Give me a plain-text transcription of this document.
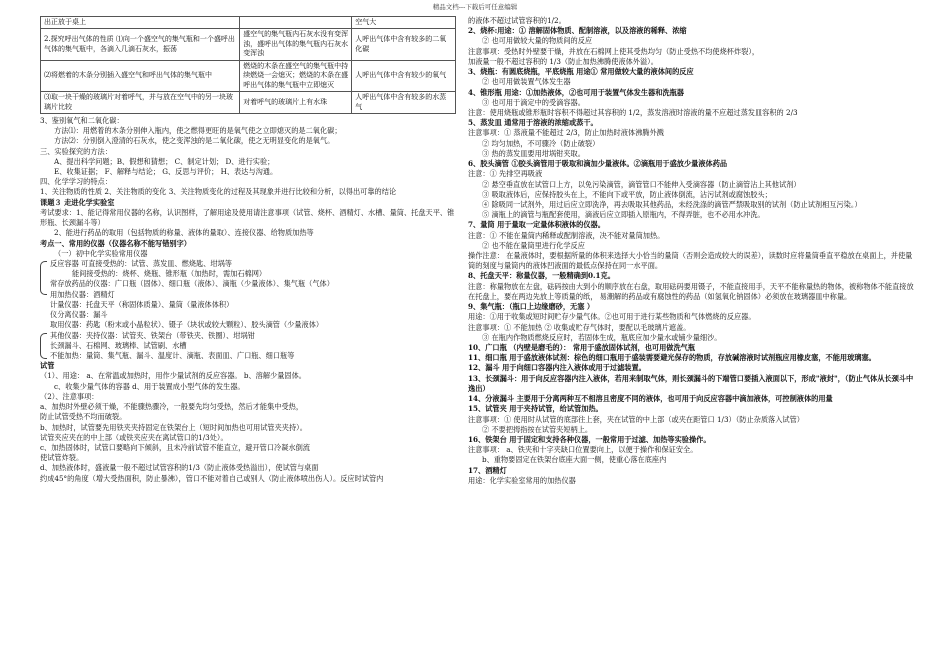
精品文档---下载后可任意编辑
出正放于桌上		空气大
2.探究呼出气体的性质 ⑴向一个盛空气的集气瓶和一个盛呼出气体的集气瓶中，各滴入几滴石灰水，振荡	盛空气的集气瓶内石灰水没有变浑浊，盛呼出气体的集气瓶内石灰水变浑浊	人呼出气体中含有较多的二氧化碳
⑵将燃着的木条分别插入盛空气和呼出气体的集气瓶中	燃烧的木条在盛空气的集气瓶中持续燃烧一会熄灭；燃烧的木条在盛呼出气体的集气瓶中立即熄灭	人呼出气体中含有较少的氧气
⑶取一块干燥的玻璃片对着呼气，并与放在空气中的另一块玻璃片比较	对着呼气的玻璃片上有水珠	人呼出气体中含有较多的水蒸气
3、鉴别氧气和二氧化碳：
方法⑴：用燃着的木条分别伸入瓶内，使之燃得更旺的是氧气使之立即熄灭的是二氧化碳；
方法⑵：分别倒入澄清的石灰水，使之变浑浊的是二氧化碳，使之无明显变化的是氧气。
三、实验探究的方法：
A、提出科学问题；B、假想和猜想； C、制定计划； D、进行实验；
E、收集证据； F、解释与结论； G、反思与评价； H、表达与沟通。
四、化学学习的特点：
1、关注物质的性质 2、关注物质的变化 3、关注物质变化的过程及其现象并进行比较和分析，以得出可靠的结论
课题３ 走进化学实验室
考试要求：1、能记得常用仪器的名称，认识图样，了解用途及使用请注意事项（试管、烧杯、酒精灯、水槽、量筒、托盘天平、锥形瓶、长颈漏斗等）
2、能进行药品的取用（包括物质的称量、液体的量取）、连接仪器、给物质加热等
考点一、常用的仪器（仪器名称不能写错别字）
（一）初中化学实验常用仪器
反应容器 可直接受热的：试管、蒸发皿、燃烧匙、坩埚等
能间接受热的：烧杯、烧瓶、锥形瓶（加热时，需加石棉网）
常存放药品的仪器：广口瓶（固体）、细口瓶（液体）、滴瓶（少量液体）、集气瓶（气体）
用加热仪器：酒精灯
计量仪器：托盘天平（称固体质量）、量筒（量液体体积）
仪分离仪器：漏斗
取用仪器：药匙（粉末或小晶粒状）、镊子（块状或较大颗粒）、胶头滴管（少量液体）
其他仪器：夹持仪器：试管夹、铁架台（带铁夹、铁圈）、坩埚钳
长颈漏斗、石棉网、玻璃棒、试管刷、水槽
不能加热：量筒、集气瓶、漏斗、温度计、滴瓶、表面皿、广口瓶、细口瓶等
试管
（1）、用途： a、在常温或加热时，用作少量试剂的反应容器。 b、溶解少量固体。
c、收集少量气体的容器 d、用于装置成小型气体的发生器。
（2）、注意事项：
a、加热时外壁必须干燥，不能骤热骤冷，一般要先均匀受热，然后才能集中受热，
防止试管受热不均而破裂。
b、加热时，试管要先用铁夹夹持固定在铁架台上（短时间加热也可用试管夹夹持）。
试管夹应夹在的中上部（或铁夹应夹在离试管口的1/3处）。
c、加热固体时，试管口要略向下倾斜，且未冷前试管不能直立，避开管口冷凝水倒流
使试管炸裂。
d、加热液体时，盛液量一般不超过试管容积的1/3（防止液体受热溢出），使试管与桌面
约成45°的角度（增大受热面积，防止暴沸），管口不能对着自己或别人（防止液体喷出伤人）。反应时试管内
的液体不超过试管容积的1/2。
2、烧杯:用途：① 溶解固体物质、配制溶液，以及溶液的稀释、浓缩
② 也可用做较大量的物质间的反应
注意事项：受热时外壁要干燥，并放在石棉网上使其受热均匀（防止受热不均使烧杯炸裂），
加液量一般不超过容积的 1/3（防止加热沸腾使液体外溢）。
3、烧瓶：有圆底烧瓶，平底烧瓶 用途① 常用做较大量的液体间的反应
② 也可用做装置气体发生器
4、锥形瓶 用途：①加热液体，②也可用于装置气体发生器和洗瓶器
③ 也可用于滴定中的受滴容器。
注意：使用烧瓶或锥形瓶时容积不得超过其容积的 1/2，蒸发溶液时溶液的量不应超过蒸发皿容积的 2/3
5、蒸发皿 通常用于溶液的浓缩或蒸干。
注意事项：① 蒸液量不能超过 2/3，防止加热时液体沸腾外溅
② 均匀加热，不可骤冷（防止破裂）
③ 热的蒸发皿要用坩埚钳夹取。
6、胶头滴管 ①胶头滴管用于吸取和滴加少量液体。②滴瓶用于盛放少量液体药品
注意：① 先排空再吸液
② 悬空垂直放在试管口上方，以免污染滴管，滴管管口不能伸入受滴容器（防止滴管沾上其他试剂）
③ 吸取液体后，应保持胶头在上，不能向下或平放，防止液体倒流，沾污试剂或腐蚀胶头；
④ 除吸同一试剂外，用过后应立即洗净，再去吸取其他药品，未经洗涤的滴管严禁吸取别的试剂（防止试剂相互污染。）
⑤ 滴瓶上的滴管与瓶配套使用，滴液后应立即插入原瓶内，不得弄脏，也不必用水冲洗。
7、量筒 用于量取一定量体积液体的仪器。
注意：① 不能在量筒内稀释或配制溶液，决不能对量筒加热。
② 也不能在量筒里进行化学反应
操作注意： 在量液体时，要根据所量的体积来选择大小恰当的量筒（否则会造成较大的误差），读数时应将量筒垂直平稳放在桌面上，并使量筒的刻度与量筒内的液体凹液面的最低点保持在同一水平面。
8、托盘天平：称量仪器，一般精确到0.1克。
注意：称量物放在左盘，砝码按由大到小的顺序放在右盘，取用砝码要用镊子，不能直接用手，天平不能称量热的物体，被称物体不能直接放在托盘上，要在两边先放上等质量的纸， 易潮解的药品或有腐蚀性的药品（如氢氧化钠固体）必须放在玻璃器皿中称量。
9、集气瓶：（瓶口上边缘磨砂，无塞 ）
用途：①用于收集或短时间贮存少量气体。②也可用于进行某些物质和气体燃烧的反应器。
注意事项：① 不能加热 ② 收集或贮存气体时，要配以毛玻璃片遮盖。
③ 在瓶内作物质燃烧反应时，若固体生成，瓶底应加少量水或铺少量细沙。
10、广口瓶 （内壁是磨毛的）： 常用于盛放固体试剂，也可用做洗气瓶
11、细口瓶 用于盛放液体试剂：棕色的细口瓶用于盛装需要避光保存的物质，存放碱溶液时试剂瓶应用橡皮塞，不能用玻璃塞。
12、漏斗 用于向细口容器内注入液体或用于过滤装置。
13、长颈漏斗：用于向反应容器内注入液体，若用来制取气体，则长颈漏斗的下端管口要插入液面以下，形成"液封"，（防止气体从长颈斗中逸出）
14、分液漏斗 主要用于分离两种互不相溶且密度不同的液体，也可用于向反应容器中滴加液体，可控制液体的用量
15、试管夹 用于夹持试管，给试管加热。
注意事项：① 使用时从试管的底部往上套，夹在试管的中上部（或夹在距管口 1/3）（防止杂质落入试管）
② 不要把拇指按在试管夹短柄上。
16、铁架台 用于固定和支持各种仪器，一般常用于过滤、加热等实验操作。
注意事项： a、铁夹和十字夹缺口位置要向上，以便于操作和保证安全。
b、重物要固定在铁架台底座大面一侧，使重心落在底座内
17、酒精灯
用途：化学实验室常用的加热仪器
